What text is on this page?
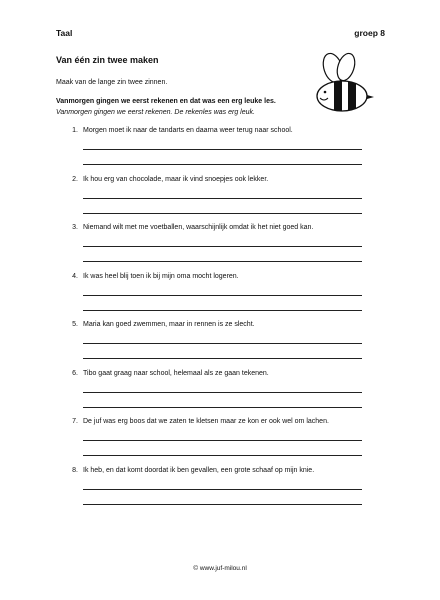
Taal	groep 8
Van één zin twee maken
Maak van de lange zin twee zinnen.
Vanmorgen gingen we eerst rekenen en dat was een erg leuke les.
Vanmorgen gingen we eerst rekenen. De rekenles was erg leuk.
1. Morgen moet ik naar de tandarts en daarna weer terug naar school.
2. Ik hou erg van chocolade, maar ik vind snoepjes ook lekker.
3. Niemand wilt met me voetballen, waarschijnlijk omdat ik het niet goed kan.
4. Ik was heel blij toen ik bij mijn oma mocht logeren.
5. Maria kan goed zwemmen, maar in rennen is ze slecht.
6. Tibo gaat graag naar school, helemaal als ze gaan tekenen.
7. De juf was erg boos dat we zaten te kletsen maar ze kon er ook wel om lachen.
8. Ik heb, en dat komt doordat ik ben gevallen, een grote schaaf op mijn knie.
© www.juf-milou.nl
